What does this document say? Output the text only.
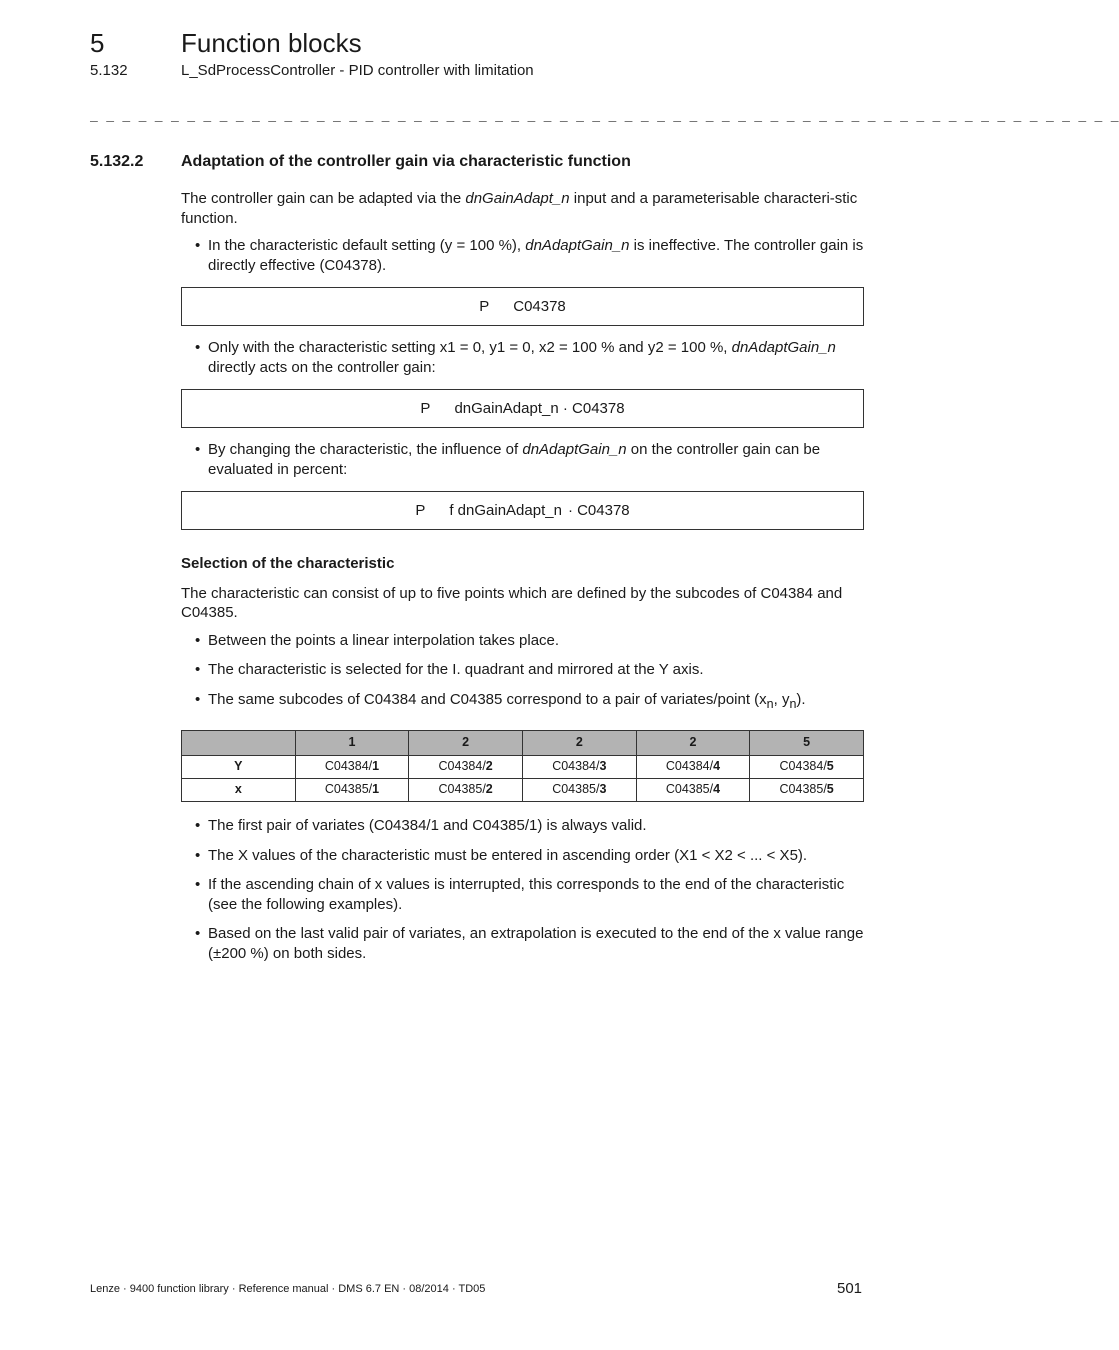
5	Function blocks
5.132	L_SdProcessController - PID controller with limitation
_ _ _ _ _ _ _ _ _ _ _ _ _ _ _ _ _ _ _ _ _ _ _ _ _ _ _ _ _ _ _ _ _ _ _ _ _ _ _ _ _ _ _ _ _ _ _ _ _ _ _ _ _ _ _ _ _ _ _ _ _ _ _ _
5.132.2 Adaptation of the controller gain via characteristic function

The controller gain can be adapted via the dnGainAdapt_n input and a parameterisable characteri-stic function.

• In the characteristic default setting (y = 100 %), dnAdaptGain_n is ineffective. The controller gain is directly effective (C04378).
P C04378
• Only with the characteristic setting x1 = 0, y1 = 0, x2 = 100 % and y2 = 100 %, dnAdaptGain_n directly acts on the controller gain:
P dnGainAdapt_n · C04378
• By changing the characteristic, the influence of dnAdaptGain_n on the controller gain can be evaluated in percent:
P f dnGainAdapt_n · C04378
Selection of the characteristic

The characteristic can consist of up to five points which are defined by the subcodes of C04384 and C04385.

• Between the points a linear interpolation takes place.
• The characteristic is selected for the I. quadrant and mirrored at the Y axis.
• The same subcodes of C04384 and C04385 correspond to a pair of variates/point ($x_n$, $y_n$).
	1	2	2	2	5
Y	C04384/1	C04384/2	C04384/3	C04384/4	C04384/5
x	C04385/1	C04385/2	C04385/3	C04385/4	C04385/5
• The first pair of variates (C04384/1 and C04385/1) is always valid.
• The X values of the characteristic must be entered in ascending order (X1 < X2 < ... < X5).
• If the ascending chain of x values is interrupted, this corresponds to the end of the characteristic (see the following examples).
• Based on the last valid pair of variates, an extrapolation is executed to the end of the x value range (±200 %) on both sides.
Lenze · 9400 function library · Reference manual · DMS 6.7 EN · 08/2014 · TD05	501
